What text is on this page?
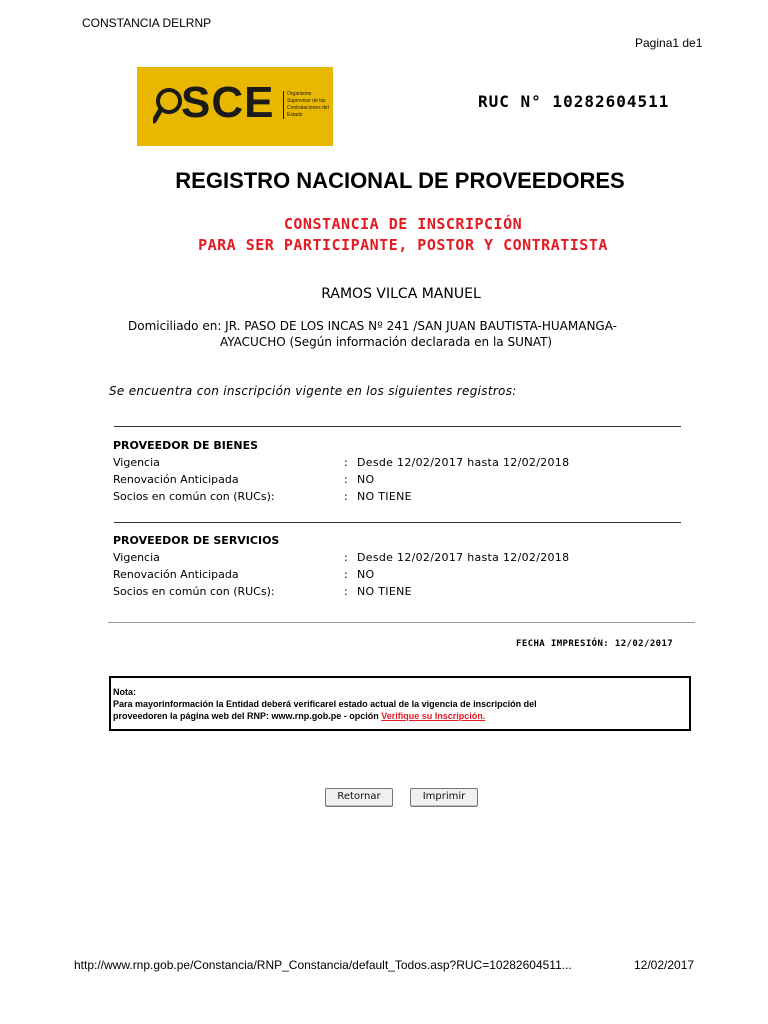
CONSTANCIA DELRNP
Pagina1 de1
SCE	Organismo Supervisor de las Contrataciones del Estado
RUC N° 10282604511
REGISTRO NACIONAL DE PROVEEDORES
CONSTANCIA DE INSCRIPCIÓN
PARA SER PARTICIPANTE, POSTOR Y CONTRATISTA
RAMOS VILCA MANUEL
Domiciliado en: JR. PASO DE LOS INCAS Nº 241 /SAN JUAN BAUTISTA-HUAMANGA-
AYACUCHO (Según información declarada en la SUNAT)
Se encuentra con inscripción vigente en los siguientes registros:
PROVEEDOR DE BIENES
Vigencia	: Desde 12/02/2017 hasta 12/02/2018
Renovación Anticipada	: NO
Socios en común con (RUCs):	: NO TIENE
PROVEEDOR DE SERVICIOS
Vigencia	: Desde 12/02/2017 hasta 12/02/2018
Renovación Anticipada	: NO
Socios en común con (RUCs):	: NO TIENE
FECHA IMPRESIÓN: 12/02/2017
Nota:
Para mayorinformación la Entidad deberá verificarel estado actual de la vigencia de inscripción del
proveedoren la página web del RNP: www.rnp.gob.pe - opción Verifique su Inscripción.
Retornar	Imprimir
http://www.rnp.gob.pe/Constancia/RNP_Constancia/default_Todos.asp?RUC=10282604511...	12/02/2017
